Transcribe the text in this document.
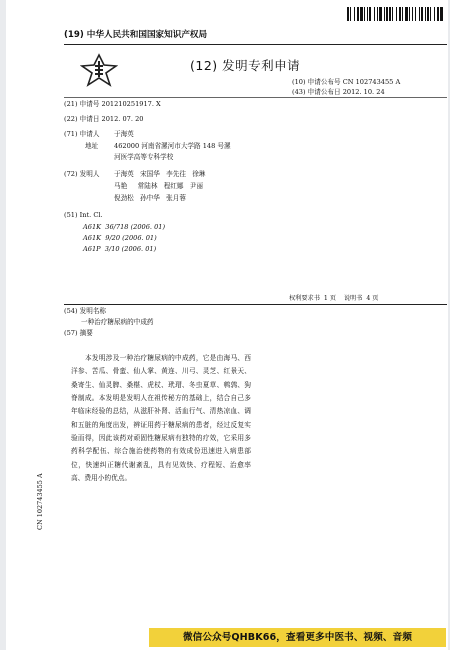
(19) 中华人民共和国国家知识产权局
(12) 发明专利申请
(10) 申请公布号 CN 102743455 A
(43) 申请公布日 2012. 10. 24
(21) 申请号 201210251917. X
(22) 申请日 2012. 07. 20
(71) 申请人 于海英
地址 462000 河南省漯河市大学路 148 号漯
河医学高等专科学校
(72) 发明人 于海英   宋国华   李先往   徐琳
马艳     常陆林   程红娜   尹丽
倪劲松   孙中华   张月蓉
(51) Int. Cl.
A61K  36/718 (2006. 01)
A61K  9/20 (2006. 01)
A61P  3/10 (2006. 01)
权利要求书  1 页    说明书  4 页
(54) 发明名称
一种治疗糖尿病的中成药
(57) 摘要
本发明涉及一种治疗糖尿病的中成药，它是由海马、西洋参、苦瓜、骨蛮、仙人掌、黄连、川弓、灵芝、红景天、桑寄生、仙灵脾、桑椹、虎杖、玳瑁、冬虫夏草、鹌鹑、狗脊制成。本发明是发明人在祖传秘方的基础上，结合自己多年临床经验的总结，从滋肝补肾、活血行气、清热凉血、调和五脏的角度出发，辨证用药于糖尿病的患者，经过反复实验而得，因此该药对顽固性糖尿病有独特的疗效，它采用多药科学配伍、综合施治使药物的有效成份迅速进入病患部位，快速纠正糖代谢紊乱，具有见效快、疗程短、治愈率高、费用小的优点。
CN 102743455 A
微信公众号QHBK66，查看更多中医书、视频、音频
